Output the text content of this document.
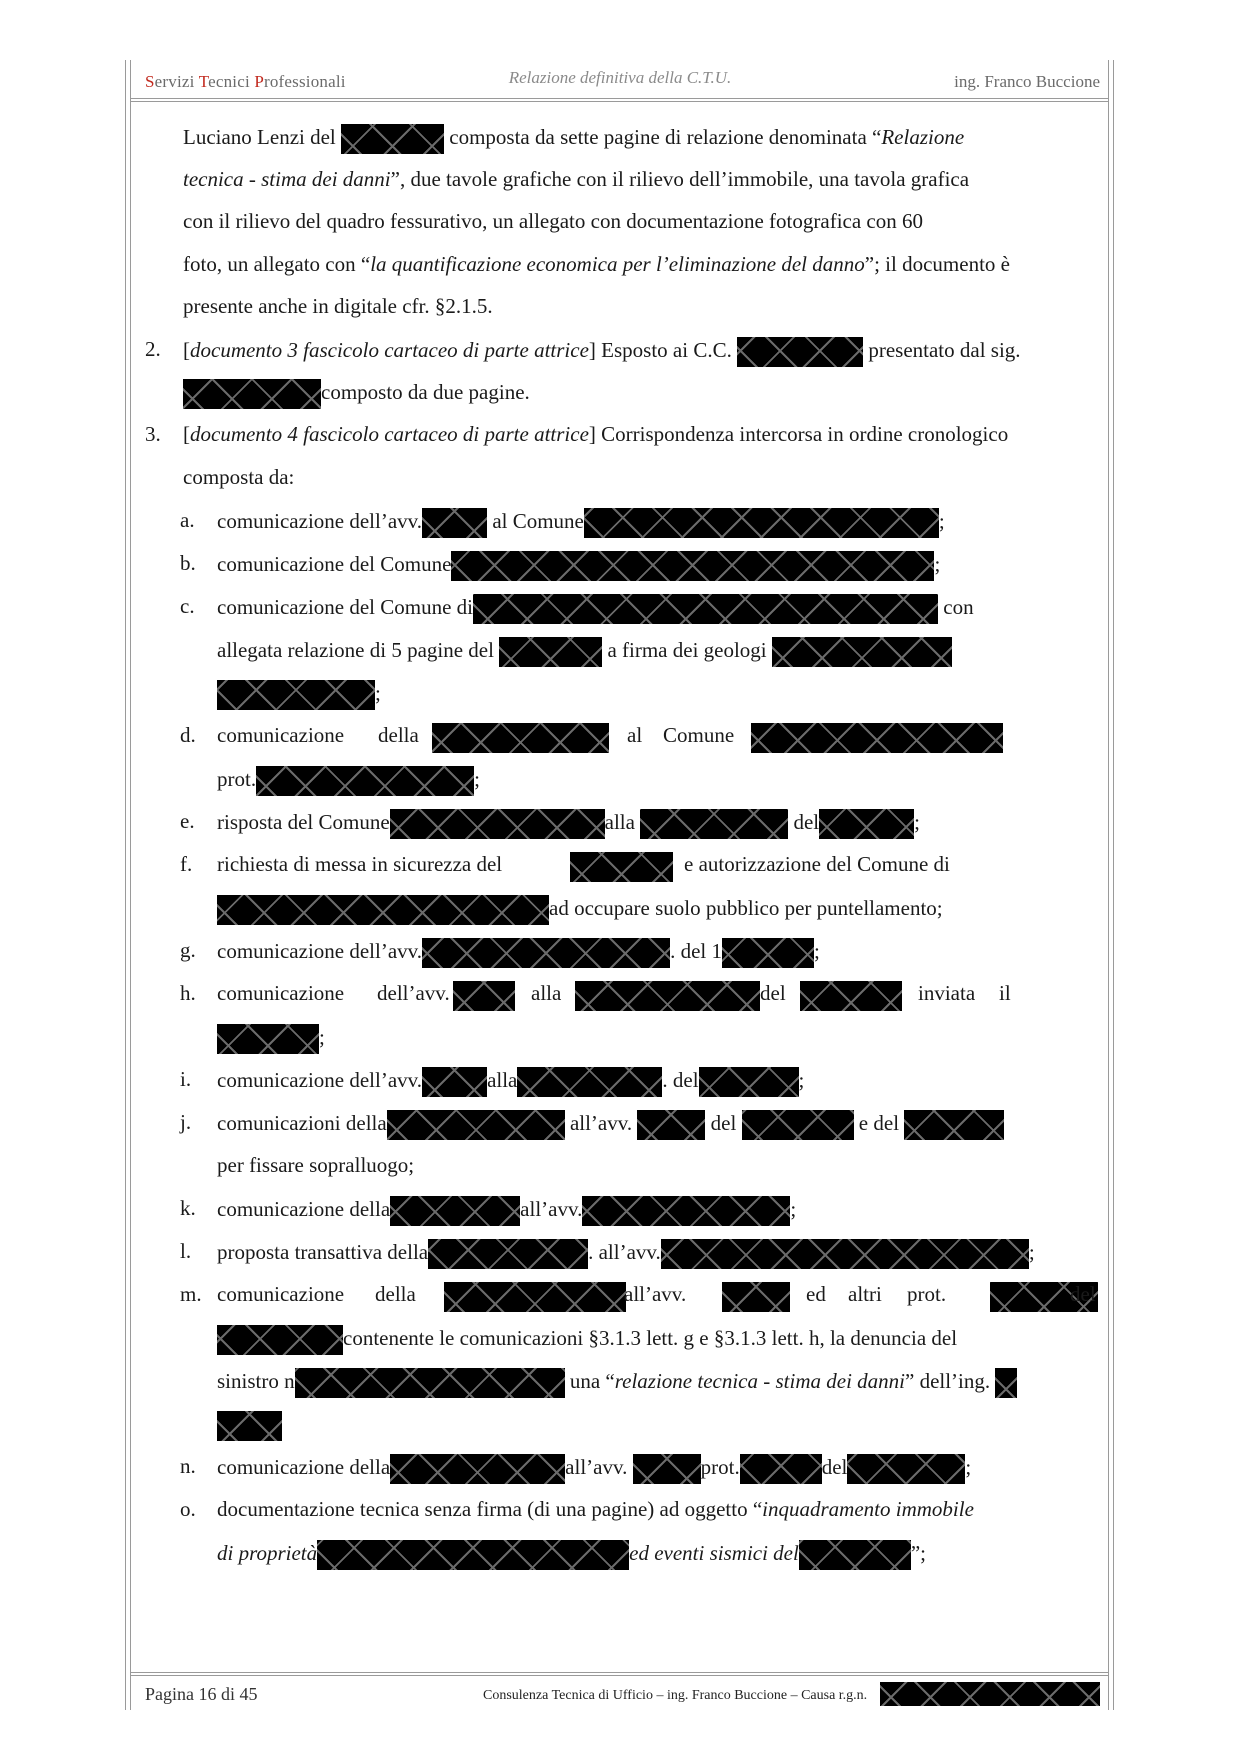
Servizi Tecnici Professionali	Relazione definitiva della C.T.U.	ing. Franco Buccione
Luciano Lenzi del	composta da sette pagine di relazione denominata “Relazione
tecnica - stima dei danni”, due tavole grafiche con il rilievo dell’immobile, una tavola grafica
con il rilievo del quadro fessurativo, un allegato con documentazione fotografica con 60
foto, un allegato con “la quantificazione economica per l’eliminazione del danno”; il documento è
presente anche in digitale cfr. §2.1.5.
2. [documento 3 fascicolo cartaceo di parte attrice] Esposto ai C.C.	presentato dal sig.
composto da due pagine.
3. [documento 4 fascicolo cartaceo di parte attrice] Corrispondenza intercorsa in ordine cronologico
composta da:
a. comunicazione dell’avv.	al Comune	;
b. comunicazione del Comune	;
c. comunicazione del Comune di	con
allegata relazione di 5 pagine del	a firma dei geologi
;
d. comunicazione della	al Comune
prot.	;
e. risposta del Comune	alla	del	;
f. richiesta di messa in sicurezza del	e autorizzazione del Comune di
ad occupare suolo pubblico per puntellamento;
g. comunicazione dell’avv.	. del 1	;
h. comunicazione dell’avv.	alla	del	inviata il
;
i. comunicazione dell’avv.	alla	. del	;
j. comunicazioni della	all’avv.	del	e del
per fissare sopralluogo;
k. comunicazione della	all’avv.	;
l. proposta transattiva della	. all’avv.	;
m. comunicazione della	all’avv.	ed altri prot.	del
contenente le comunicazioni §3.1.3 lett. g e §3.1.3 lett. h, la denuncia del
sinistro n	una “relazione tecnica - stima dei danni” dell’ing.
n. comunicazione della	all’avv.	prot.	del	;
o. documentazione tecnica senza firma (di una pagine) ad oggetto “inquadramento immobile
di proprietà	ed eventi sismici del	”;
Pagina 16 di 45	Consulenza Tecnica di Ufficio – ing. Franco Buccione – Causa r.g.n.
